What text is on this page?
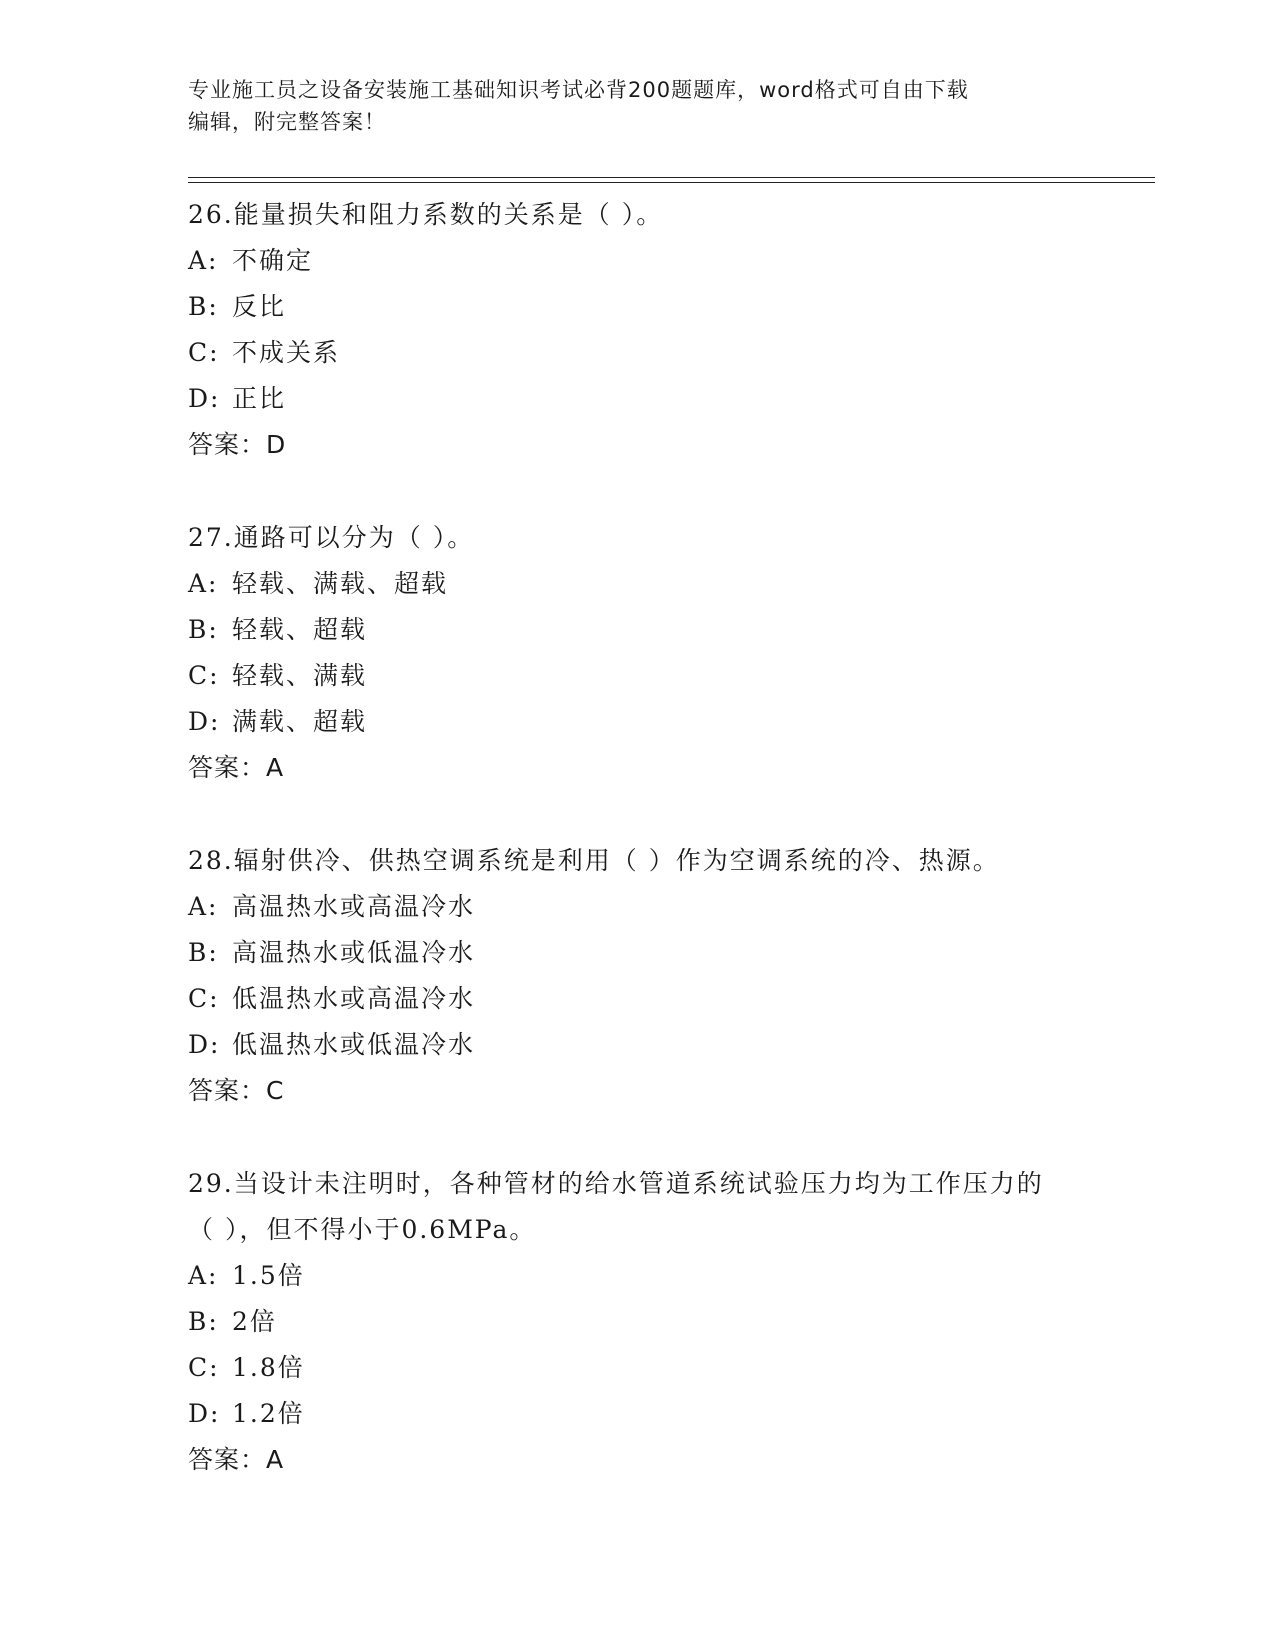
专业施工员之设备安装施工基础知识考试必背200题题库，word格式可自由下载
编辑，附完整答案！
26.能量损失和阻力系数的关系是（ ）。
A: 不确定
B: 反比
C: 不成关系
D: 正比
答案：D
27.通路可以分为（ ）。
A: 轻载、满载、超载
B: 轻载、超载
C: 轻载、满载
D: 满载、超载
答案：A
28.辐射供冷、供热空调系统是利用（ ）作为空调系统的冷、热源。
A: 高温热水或高温冷水
B: 高温热水或低温冷水
C: 低温热水或高温冷水
D: 低温热水或低温冷水
答案：C
29.当设计未注明时，各种管材的给水管道系统试验压力均为工作压力的（ ），但不得小于0.6MPa。
A: 1.5倍
B: 2倍
C: 1.8倍
D: 1.2倍
答案：A
